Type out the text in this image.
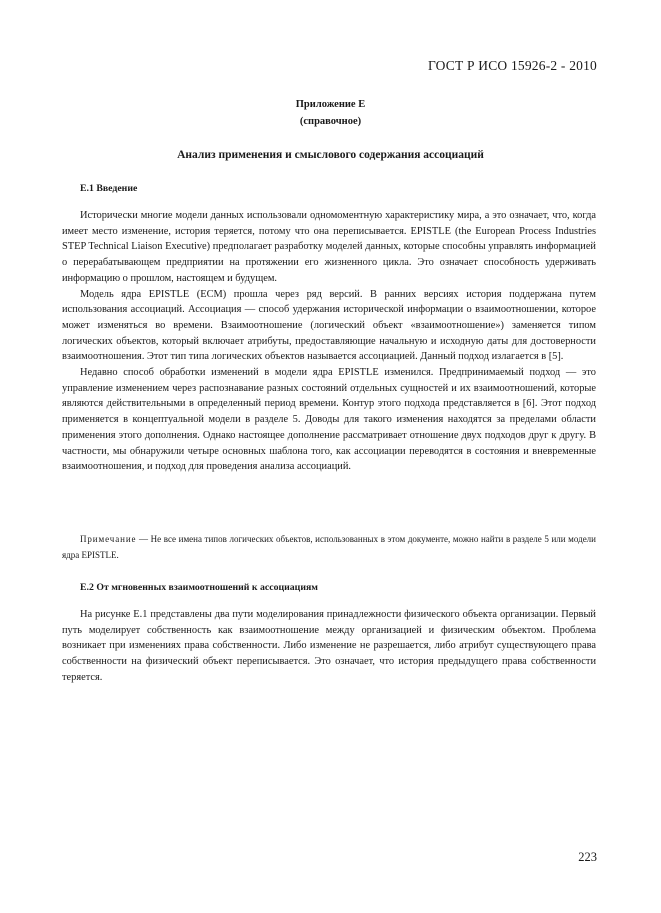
ГОСТ Р ИСО 15926-2 - 2010
Приложение Е
(справочное)
Анализ применения и смыслового содержания ассоциаций
Е.1 Введение

Исторически многие модели данных использовали одномоментную характеристику мира, а это означает, что, когда имеет место изменение, история теряется, потому что она переписывается. EPISTLE (the European Process Industries STEP Technical Liaison Executive) предполагает разработку моделей данных, которые способны управлять информацией о перерабатывающем предприятии на протяжении его жизненного цикла. Это означает способность удерживать информацию о прошлом, настоящем и будущем.

Модель ядра EPISTLE (ЕСМ) прошла через ряд версий. В ранних версиях история поддержана путем использования ассоциаций. Ассоциация — способ удержания исторической информации о взаимоотношении, которое может изменяться во времени. Взаимоотношение (логический объект «взаимоотношение») заменяется типом логических объектов, который включает атрибуты, предоставляющие начальную и исходную даты для достоверности взаимоотношения. Этот тип типа логических объектов называется ассоциацией. Данный подход излагается в [5].

Недавно способ обработки изменений в модели ядра EPISTLE изменился. Предпринимаемый подход — это управление изменением через распознавание разных состояний отдельных сущностей и их взаимоотношений, которые являются действительными в определенный период времени. Контур этого подхода представляется в [6]. Этот подход применяется в концептуальной модели в разделе 5. Доводы для такого изменения находятся за пределами области применения этого дополнения. Однако настоящее дополнение рассматривает отношение двух подходов друг к другу. В частности, мы обнаружили четыре основных шаблона того, как ассоциации переводятся в состояния и вневременные взаимоотношения, и подход для проведения анализа ассоциаций.

Примечание — Не все имена типов логических объектов, использованных в этом документе, можно найти в разделе 5 или модели ядра EPISTLE.
Е.2 От мгновенных взаимоотношений к ассоциациям

На рисунке Е.1 представлены два пути моделирования принадлежности физического объекта организации. Первый путь моделирует собственность как взаимоотношение между организацией и физическим объектом. Проблема возникает при изменениях права собственности. Либо изменение не разрешается, либо атрибут существующего права собственности на физический объект переписывается. Это означает, что история предыдущего права собственности теряется.

223
